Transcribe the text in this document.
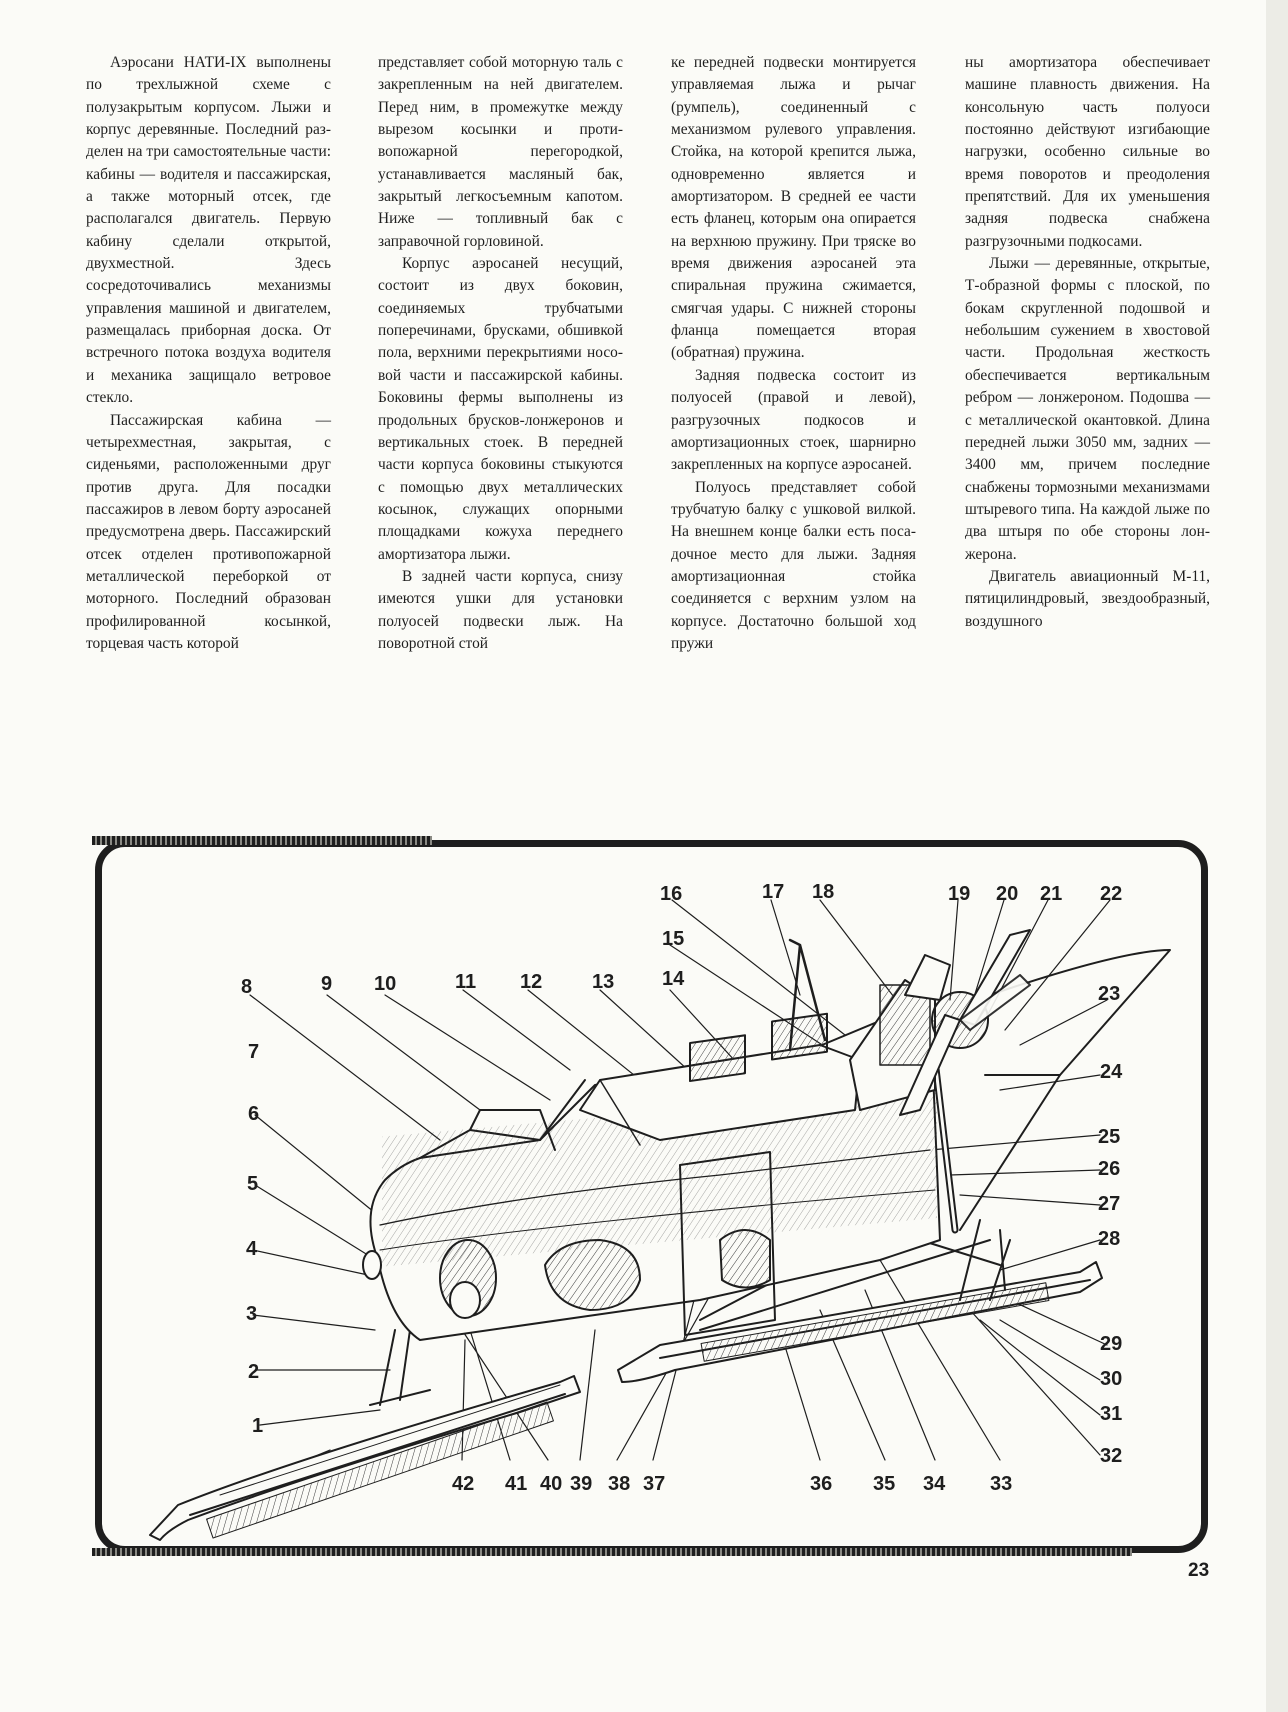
Аэросани НАТИ-IX выполнены по трехлыжной схеме с полузакрытым корпусом. Лыжи и корпус деревянные. Последний разделен на три самостоятельные части: кабины — водителя и пассажирская, а также моторный отсек, где располагался двигатель. Первую кабину сделали открытой, двухместной. Здесь сосредоточивались механизмы управления машиной и двигателем, размещалась приборная доска. От встречного потока воздуха водителя и механика защищало ветровое стекло.

Пассажирская кабина — четырехместная, закрытая, с сиденьями, расположенными друг против друга. Для посадки пассажиров в левом борту аэросаней предусмотрена дверь. Пассажирский отсек отделен противопожарной металлической переборкой от моторного. Последний образован профилированной косынкой, торцевая часть которой

представляет собой моторную таль с закрепленным на ней двигателем. Перед ним, в промежутке между вырезом косынки и противопожарной перегородкой, устанавливается масляный бак, закрытый легкосъемным капотом. Ниже — топливный бак с заправочной горловиной.

Корпус аэросаней несущий, состоит из двух боковин, соединяемых трубчатыми поперечинами, брусками, обшивкой пола, верхними перекрытиями носовой части и пассажирской кабины. Боковины фермы выполнены из продольных брусков-лонжеронов и вертикальных стоек. В передней части корпуса боковины стыкуются с помощью двух металлических косынок, служащих опорными площадками кожуха переднего амортизатора лыжи.

В задней части корпуса, снизу имеются ушки для установки полуосей подвески лыж. На поворотной стой

ке передней подвески монтируется управляемая лыжа и рычаг (румпель), соединенный с механизмом рулевого управления. Стойка, на которой крепится лыжа, одновременно является и амортизатором. В средней ее части есть фланец, которым она опирается на верхнюю пружину. При тряске во время движения аэросаней эта спиральная пружина сжимается, смягчая удары. С нижней стороны фланца помещается вторая (обратная) пружина.

Задняя подвеска состоит из полуосей (правой и левой), разгрузочных подкосов и амортизационных стоек, шарнирно закрепленных на корпусе аэросаней.

Полуось представляет собой трубчатую балку с ушковой вилкой. На внешнем конце балки есть посадочное место для лыжи. Задняя амортизационная стойка соединяется с верхним узлом на корпусе. Достаточно большой ход пружи

ны амортизатора обеспечивает машине плавность движения. На консольную часть полуоси постоянно действуют изгибающие нагрузки, особенно сильные во время поворотов и преодоления препятствий. Для их уменьшения задняя подвеска снабжена разгрузочными подкосами.

Лыжи — деревянные, открытые, Т-образной формы с плоской, по бокам скругленной подошвой и небольшим сужением в хвостовой части. Продольная жесткость обеспечивается вертикальным ребром — лонжероном. Подошва — с металлической окантовкой. Длина передней лыжи 3050 мм, задних — 3400 мм, причем последние снабжены тормозными механизмами штыревого типа. На каждой лыже по два штыря по обе стороны лонжерона.

Двигатель авиационный М-11, пятицилиндровый, звездообразный, воздушного

8	9 10	11 12 13 14
15
16	17 18	19 20 21 22
23
24
25
26
27
28
29
30
31
32
7
6
5
4
3
2
1
42 41 40 39 38 37	36 35 34 33
23
